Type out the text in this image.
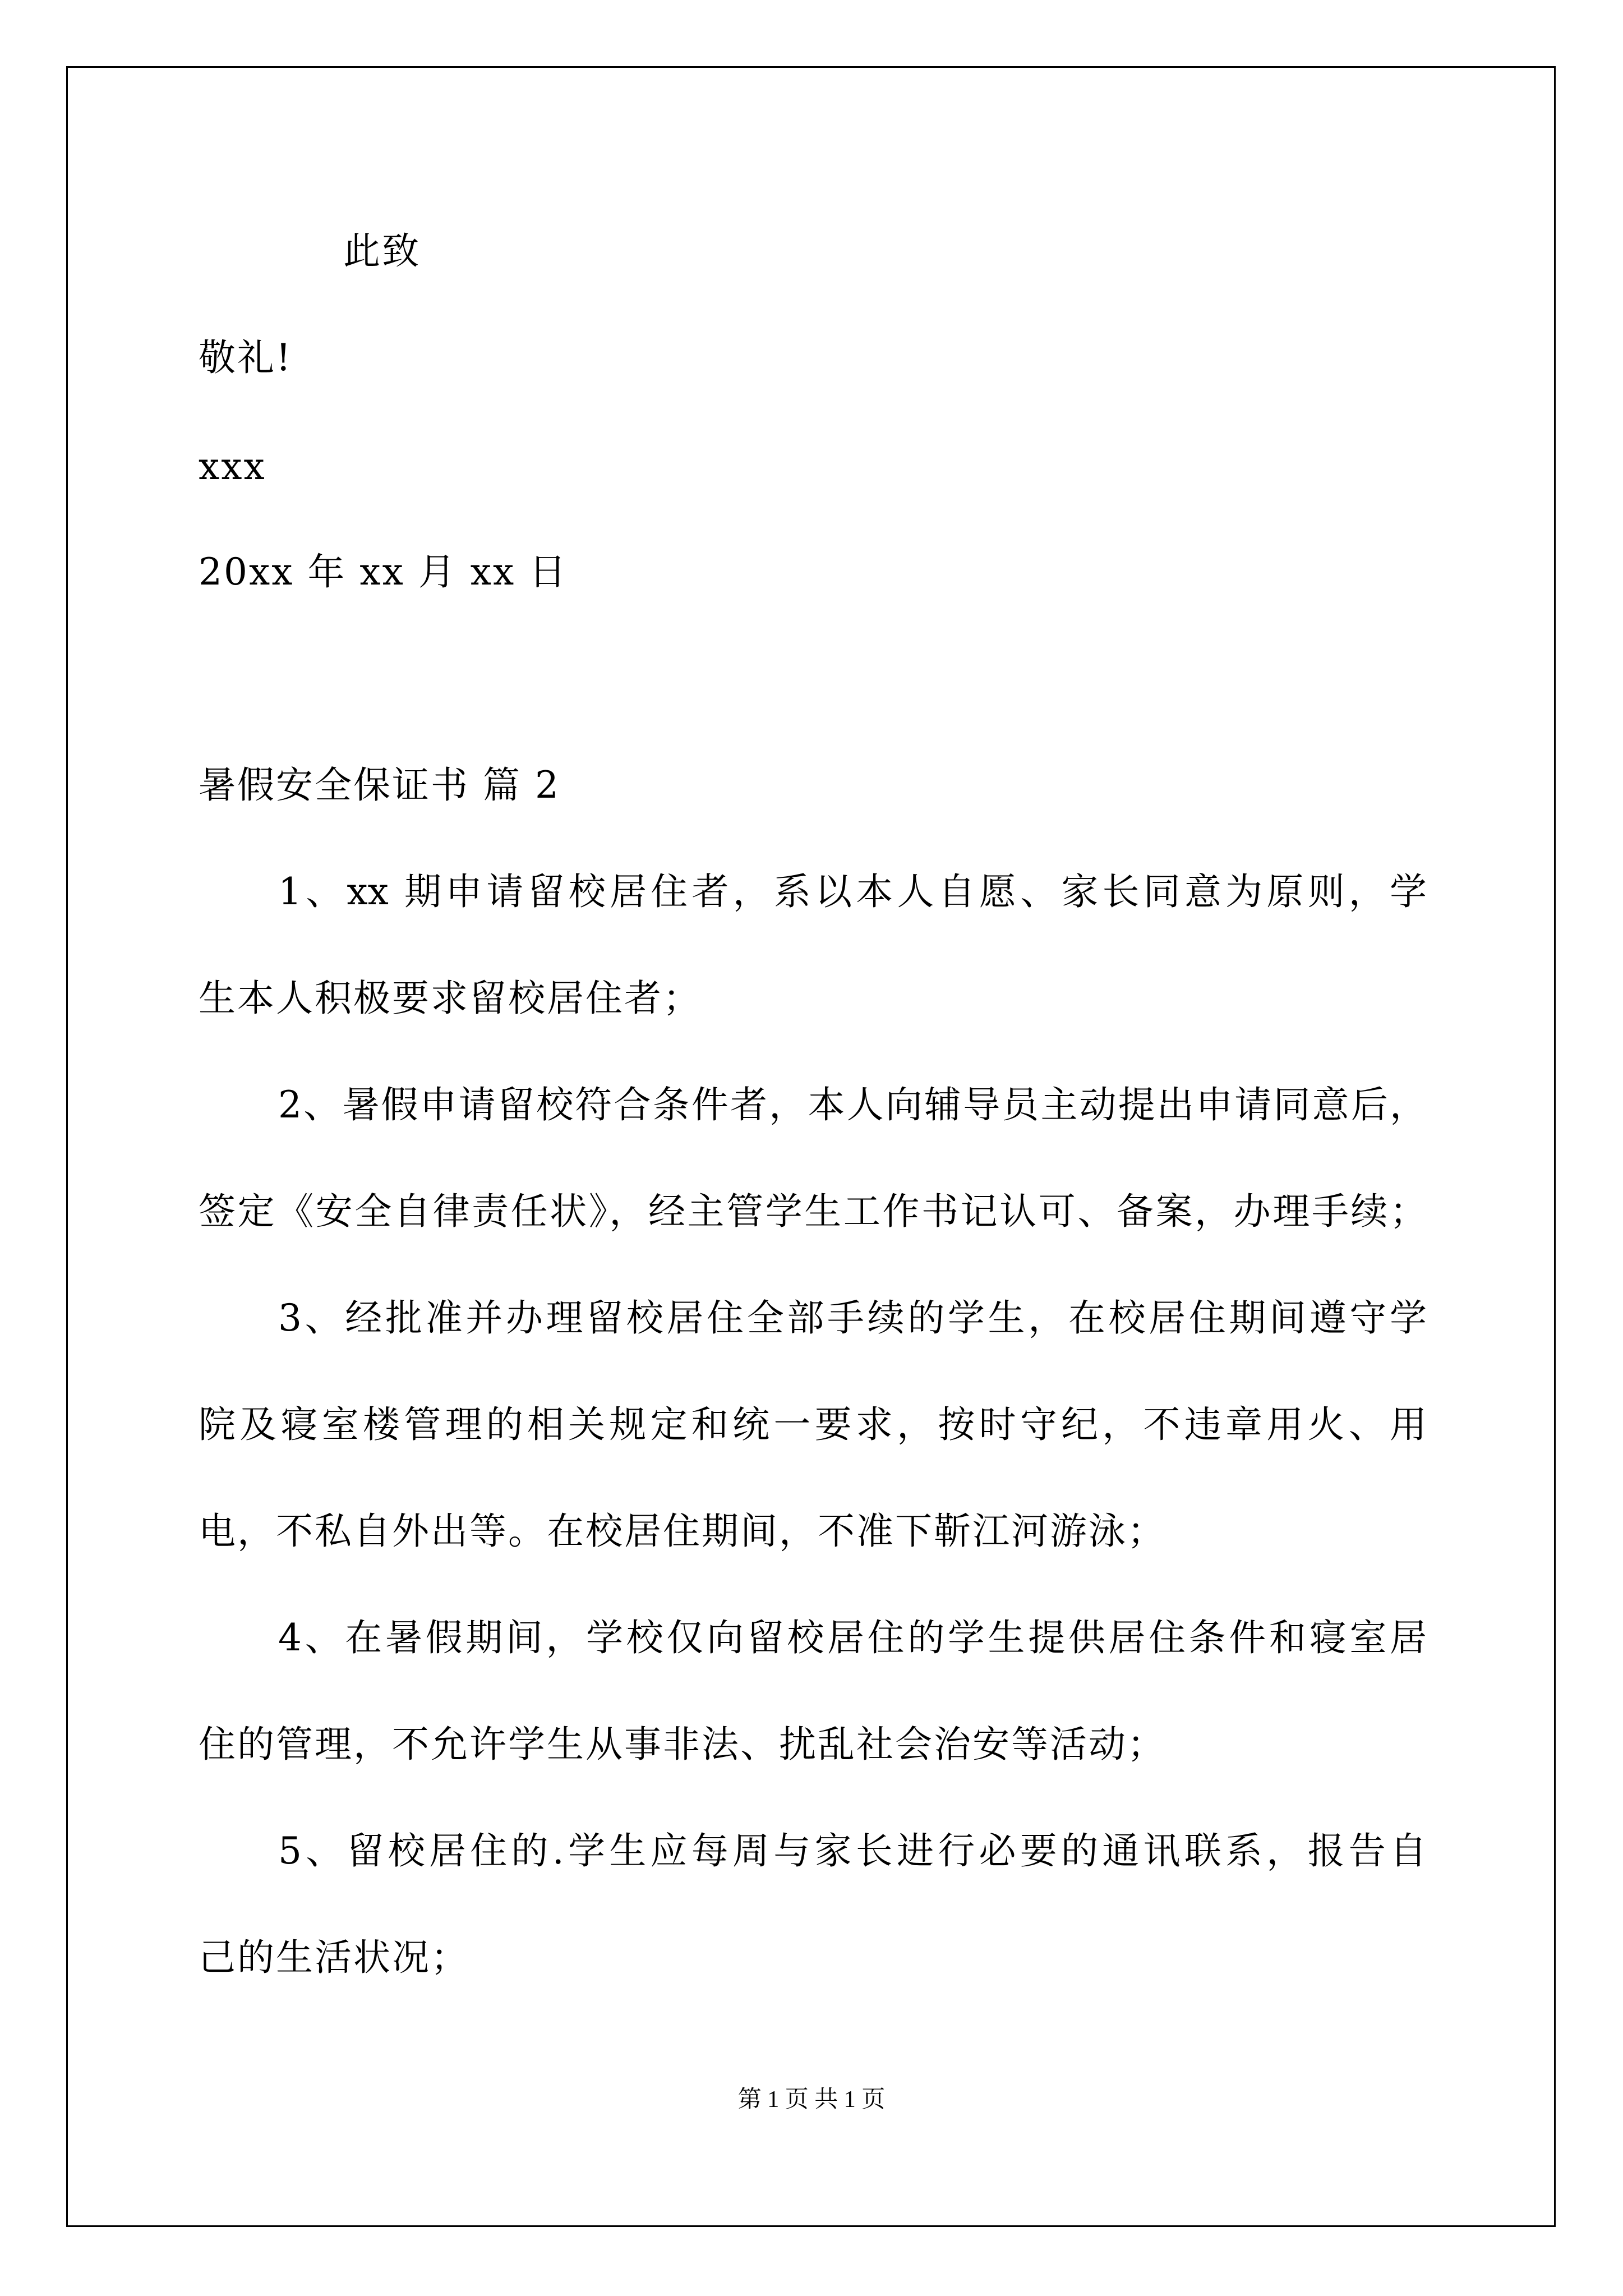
此致
敬礼!
xxx
20xx 年 xx 月 xx 日
暑假安全保证书 篇 2
1、xx 期申请留校居住者，系以本人自愿、家长同意为原则，学
生本人积极要求留校居住者；
2、暑假申请留校符合条件者，本人向辅导员主动提出申请同意后，
签定《安全自律责任状》，经主管学生工作书记认可、备案，办理手续；
3、经批准并办理留校居住全部手续的学生，在校居住期间遵守学
院及寝室楼管理的相关规定和统一要求，按时守纪，不违章用火、用
电，不私自外出等。在校居住期间，不准下靳江河游泳；
4、在暑假期间，学校仅向留校居住的学生提供居住条件和寝室居
住的管理，不允许学生从事非法、扰乱社会治安等活动；
5、留校居住的.学生应每周与家长进行必要的通讯联系，报告自
己的生活状况；
第 1 页 共 1 页
